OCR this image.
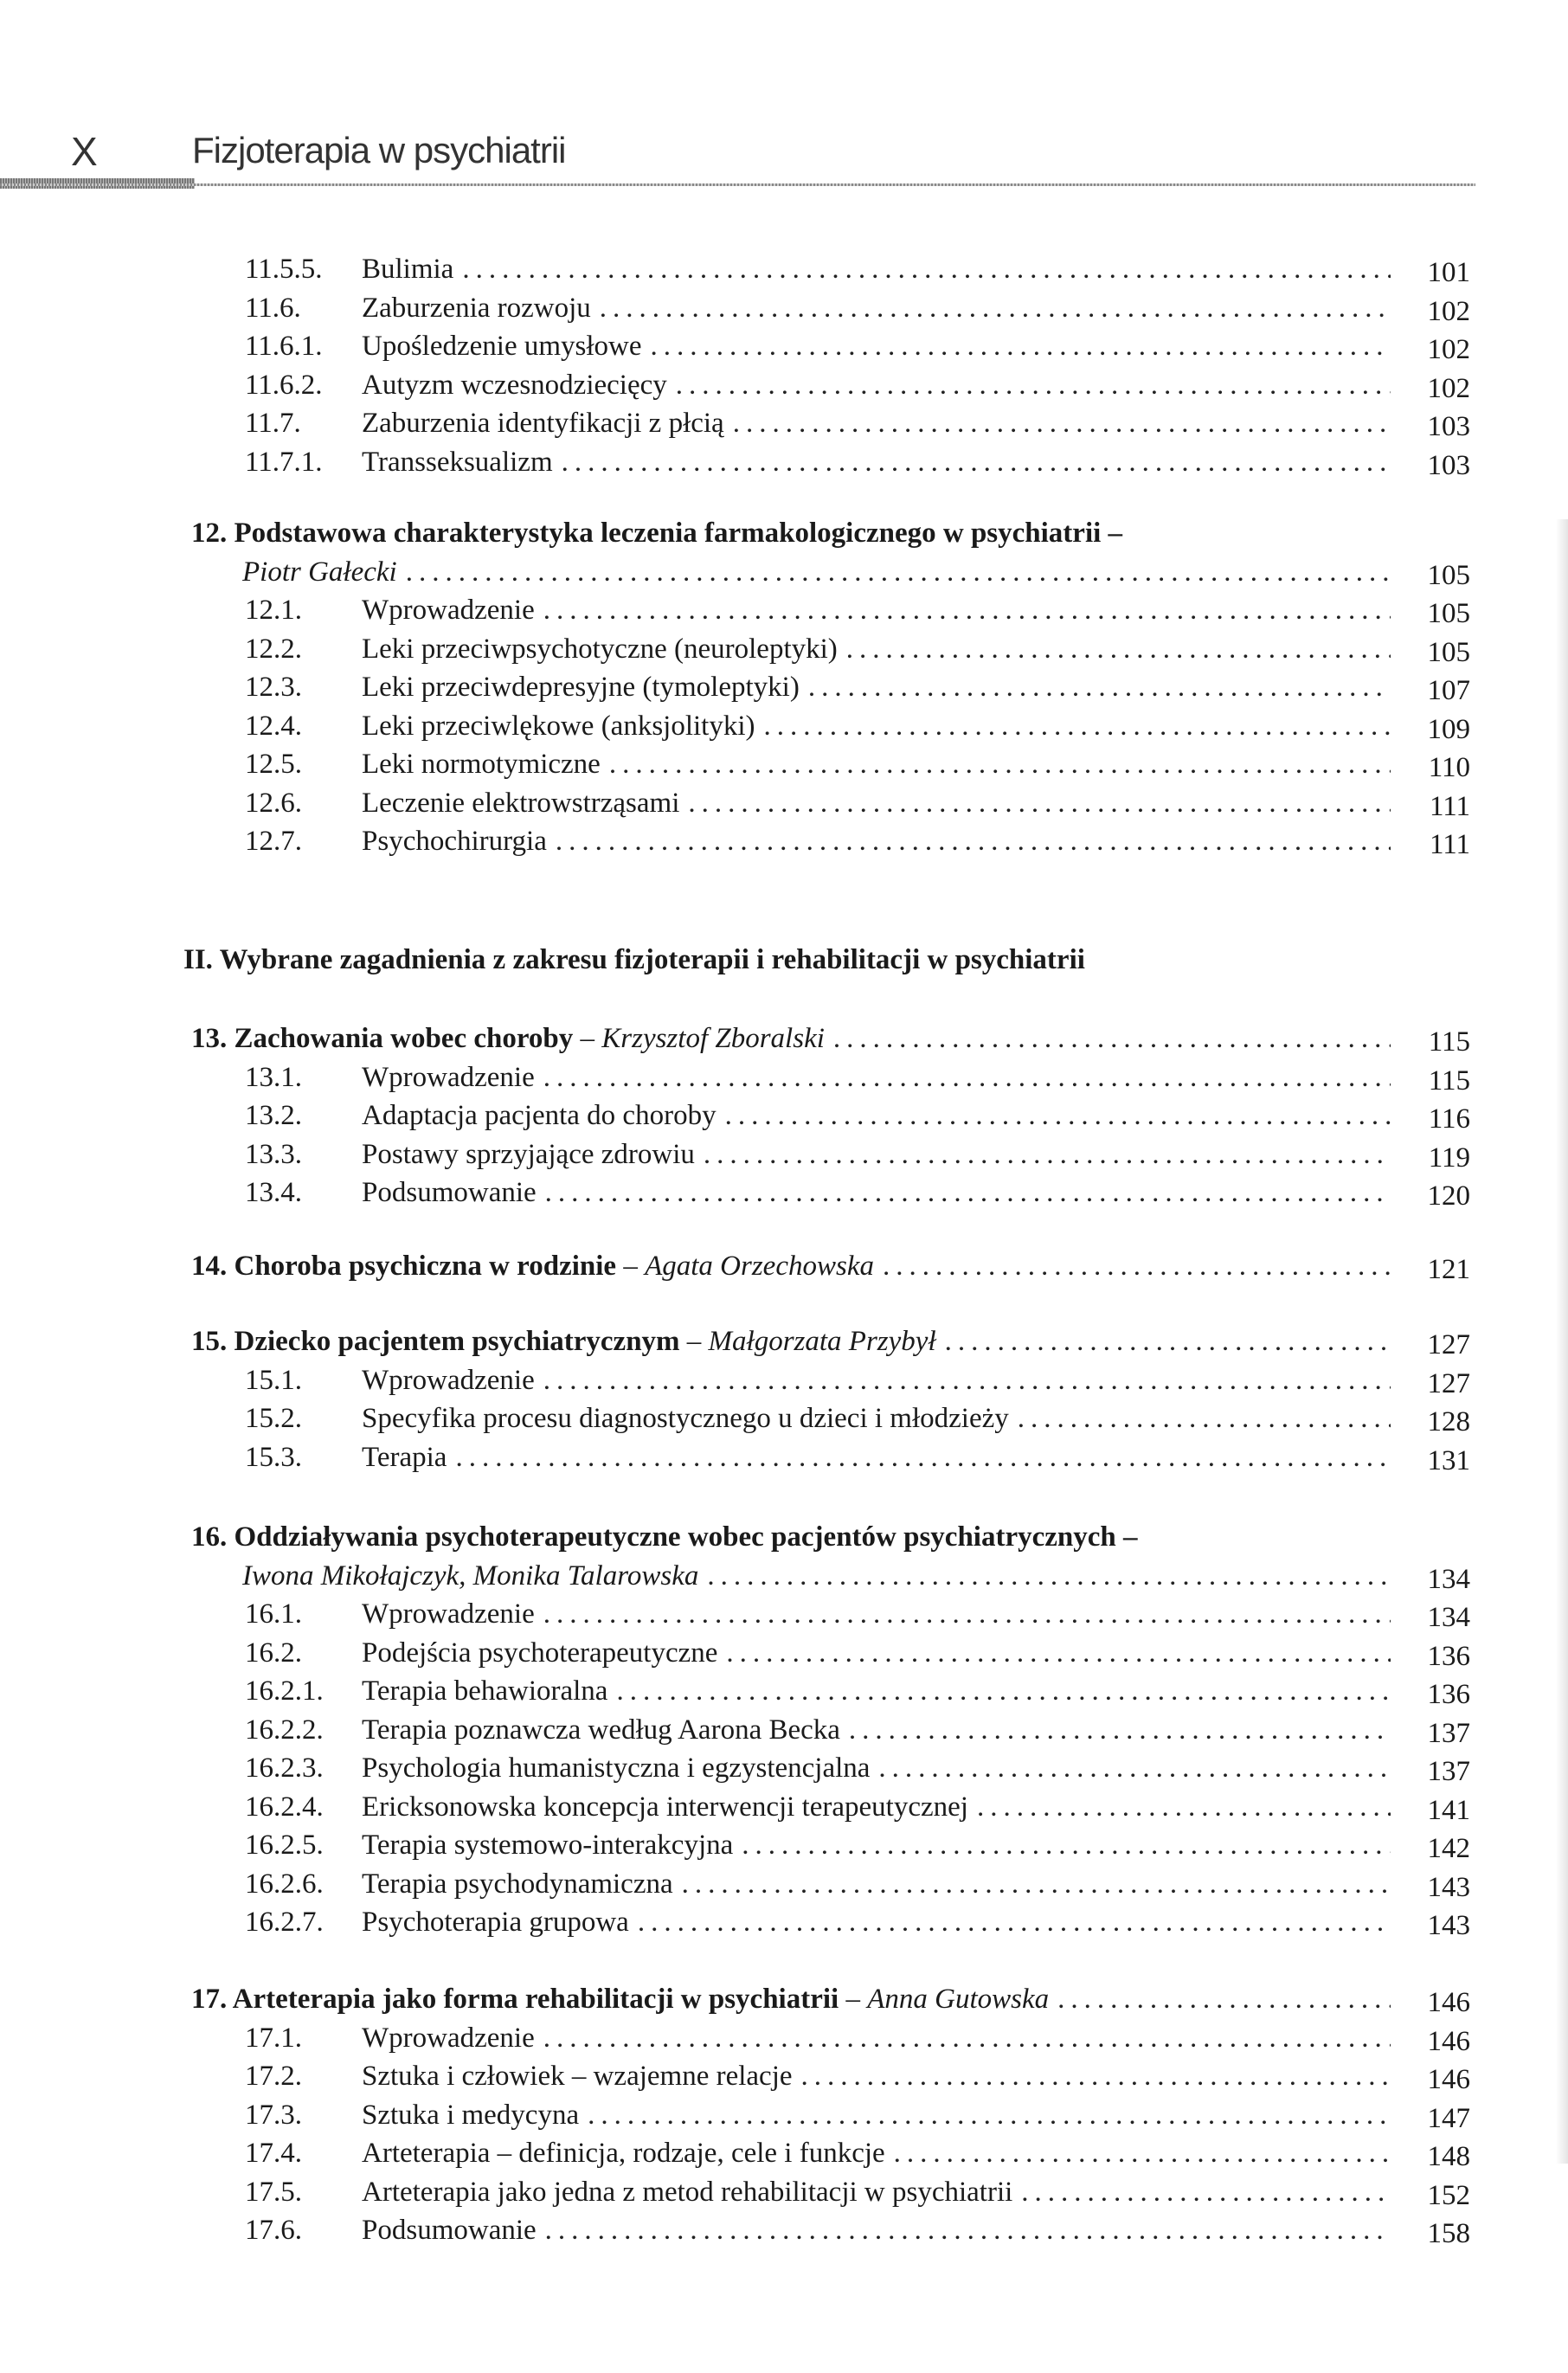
X	Fizjoterapia w psychiatrii
11.5.5. Bulimia .....	101
11.6. Zaburzenia rozwoju .....	102
11.6.1. Upośledzenie umysłowe .....	102
11.6.2. Autyzm wczesnodziecięcy .....	102
11.7. Zaburzenia identyfikacji z płcią .....	103
11.7.1. Transseksualizm .....	103
12. Podstawowa charakterystyka leczenia farmakologicznego w psychiatrii –
Piotr Gałecki .....	105
12.1. Wprowadzenie .....	105
12.2. Leki przeciwpsychotyczne (neuroleptyki) .....	105
12.3. Leki przeciwdepresyjne (tymoleptyki) .....	107
12.4. Leki przeciwlękowe (anksjolityki) .....	109
12.5. Leki normotymiczne .....	110
12.6. Leczenie elektrowstrząsami .....	111
12.7. Psychochirurgia .....	111
II. Wybrane zagadnienia z zakresu fizjoterapii i rehabilitacji w psychiatrii
13. Zachowania wobec choroby – Krzysztof Zboralski .....	115
13.1. Wprowadzenie .....	115
13.2. Adaptacja pacjenta do choroby .....	116
13.3. Postawy sprzyjające zdrowiu .....	119
13.4. Podsumowanie .....	120
14. Choroba psychiczna w rodzinie – Agata Orzechowska .....	121
15. Dziecko pacjentem psychiatrycznym – Małgorzata Przybył .....	127
15.1. Wprowadzenie .....	127
15.2. Specyfika procesu diagnostycznego u dzieci i młodzieży .....	128
15.3. Terapia .....	131
16. Oddziaływania psychoterapeutyczne wobec pacjentów psychiatrycznych –
Iwona Mikołajczyk, Monika Talarowska .....	134
16.1. Wprowadzenie .....	134
16.2. Podejścia psychoterapeutyczne .....	136
16.2.1. Terapia behawioralna .....	136
16.2.2. Terapia poznawcza według Aarona Becka .....	137
16.2.3. Psychologia humanistyczna i egzystencjalna .....	137
16.2.4. Ericksonowska koncepcja interwencji terapeutycznej .....	141
16.2.5. Terapia systemowo-interakcyjna .....	142
16.2.6. Terapia psychodynamiczna .....	143
16.2.7. Psychoterapia grupowa .....	143
17. Arteterapia jako forma rehabilitacji w psychiatrii – Anna Gutowska .....	146
17.1. Wprowadzenie .....	146
17.2. Sztuka i człowiek – wzajemne relacje .....	146
17.3. Sztuka i medycyna .....	147
17.4. Arteterapia – definicja, rodzaje, cele i funkcje .....	148
17.5. Arteterapia jako jedna z metod rehabilitacji w psychiatrii .....	152
17.6. Podsumowanie .....	158
